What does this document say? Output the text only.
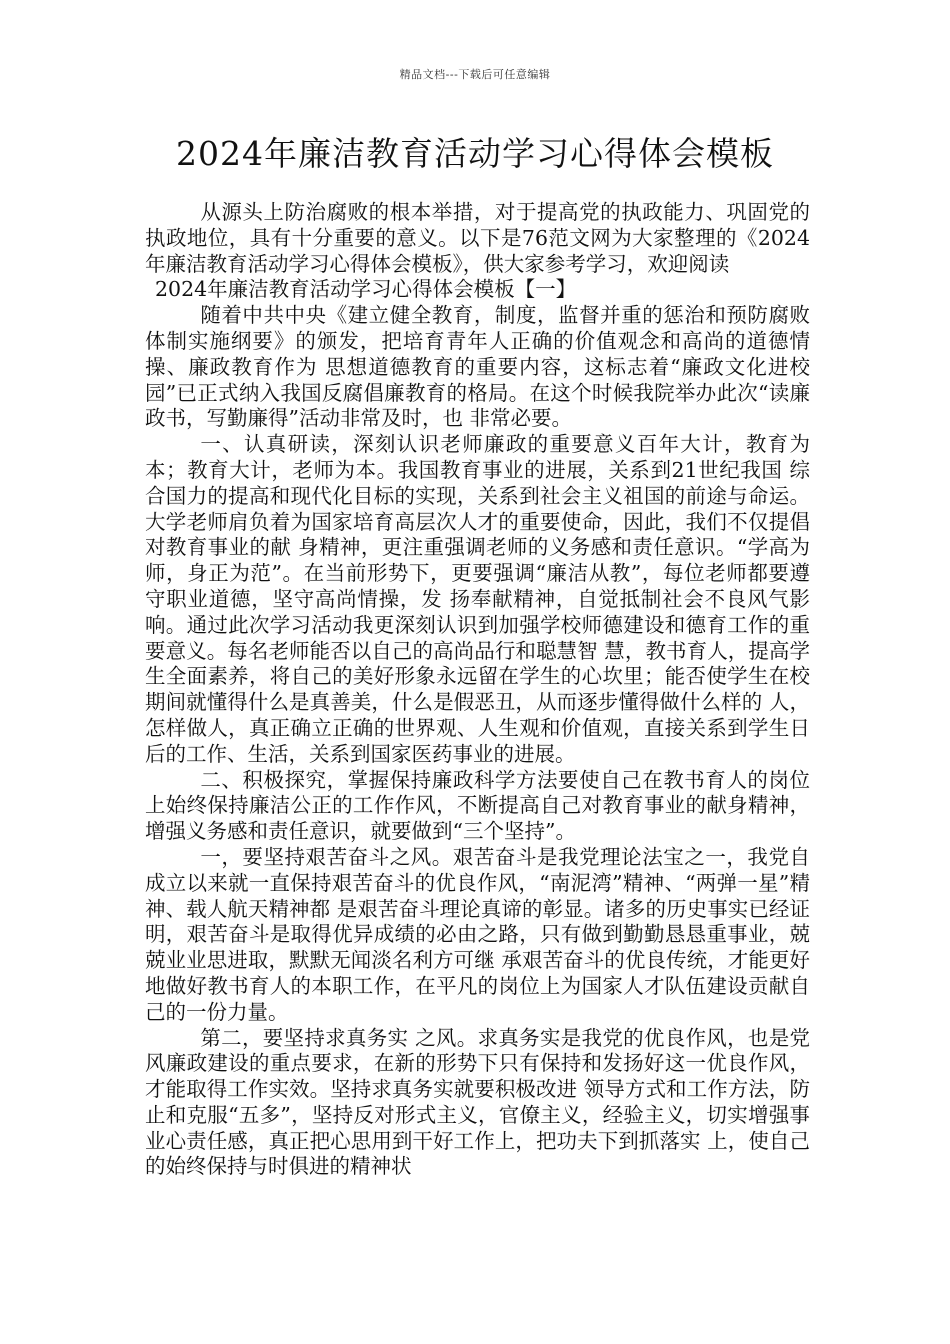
精品文档---下载后可任意编辑
2024年廉洁教育活动学习心得体会模板

从源头上防治腐败的根本举措，对于提高党的执政能力、巩固党的执政地位，具有十分重要的意义。以下是76范文网为大家整理的《2024年廉洁教育活动学习心得体会模板》，供大家参考学习，欢迎阅读

2024年廉洁教育活动学习心得体会模板【一】

随着中共中央《建立健全教育，制度，监督并重的惩治和预防腐败体制实施纲要》的颁发，把培育青年人正确的价值观念和高尚的道德情操、廉政教育作为 思想道德教育的重要内容，这标志着“廉政文化进校园”已正式纳入我国反腐倡廉教育的格局。在这个时候我院举办此次“读廉政书，写勤廉得”活动非常及时，也 非常必要。

一、认真研读，深刻认识老师廉政的重要意义百年大计，教育为本；教育大计，老师为本。我国教育事业的进展，关系到21世纪我国 综合国力的提高和现代化目标的实现，关系到社会主义祖国的前途与命运。大学老师肩负着为国家培育高层次人才的重要使命，因此，我们不仅提倡对教育事业的献 身精神，更注重强调老师的义务感和责任意识。“学高为师，身正为范”。在当前形势下，更要强调“廉洁从教”，每位老师都要遵守职业道德，坚守高尚情操，发 扬奉献精神，自觉抵制社会不良风气影响。通过此次学习活动我更深刻认识到加强学校师德建设和德育工作的重要意义。每名老师能否以自己的高尚品行和聪慧智 慧，教书育人，提高学生全面素养，将自己的美好形象永远留在学生的心坎里；能否使学生在校期间就懂得什么是真善美，什么是假恶丑，从而逐步懂得做什么样的 人，怎样做人，真正确立正确的世界观、人生观和价值观，直接关系到学生日后的工作、生活，关系到国家医药事业的进展。

二、积极探究，掌握保持廉政科学方法要使自己在教书育人的岗位上始终保持廉洁公正的工作作风，不断提高自己对教育事业的献身精神，增强义务感和责任意识，就要做到“三个坚持”。

一，要坚持艰苦奋斗之风。艰苦奋斗是我党理论法宝之一，我党自成立以来就一直保持艰苦奋斗的优良作风，“南泥湾”精神、“两弹一星”精神、载人航天精神都 是艰苦奋斗理论真谛的彰显。诸多的历史事实已经证明，艰苦奋斗是取得优异成绩的必由之路，只有做到勤勤恳恳重事业，兢兢业业思进取，默默无闻淡名利方可继 承艰苦奋斗的优良传统，才能更好地做好教书育人的本职工作，在平凡的岗位上为国家人才队伍建设贡献自己的一份力量。

第二，要坚持求真务实 之风。求真务实是我党的优良作风，也是党风廉政建设的重点要求，在新的形势下只有保持和发扬好这一优良作风，才能取得工作实效。坚持求真务实就要积极改进 领导方式和工作方法，防止和克服“五多”，坚持反对形式主义，官僚主义，经验主义，切实增强事业心责任感，真正把心思用到干好工作上，把功夫下到抓落实 上，使自己的始终保持与时俱进的精神状
